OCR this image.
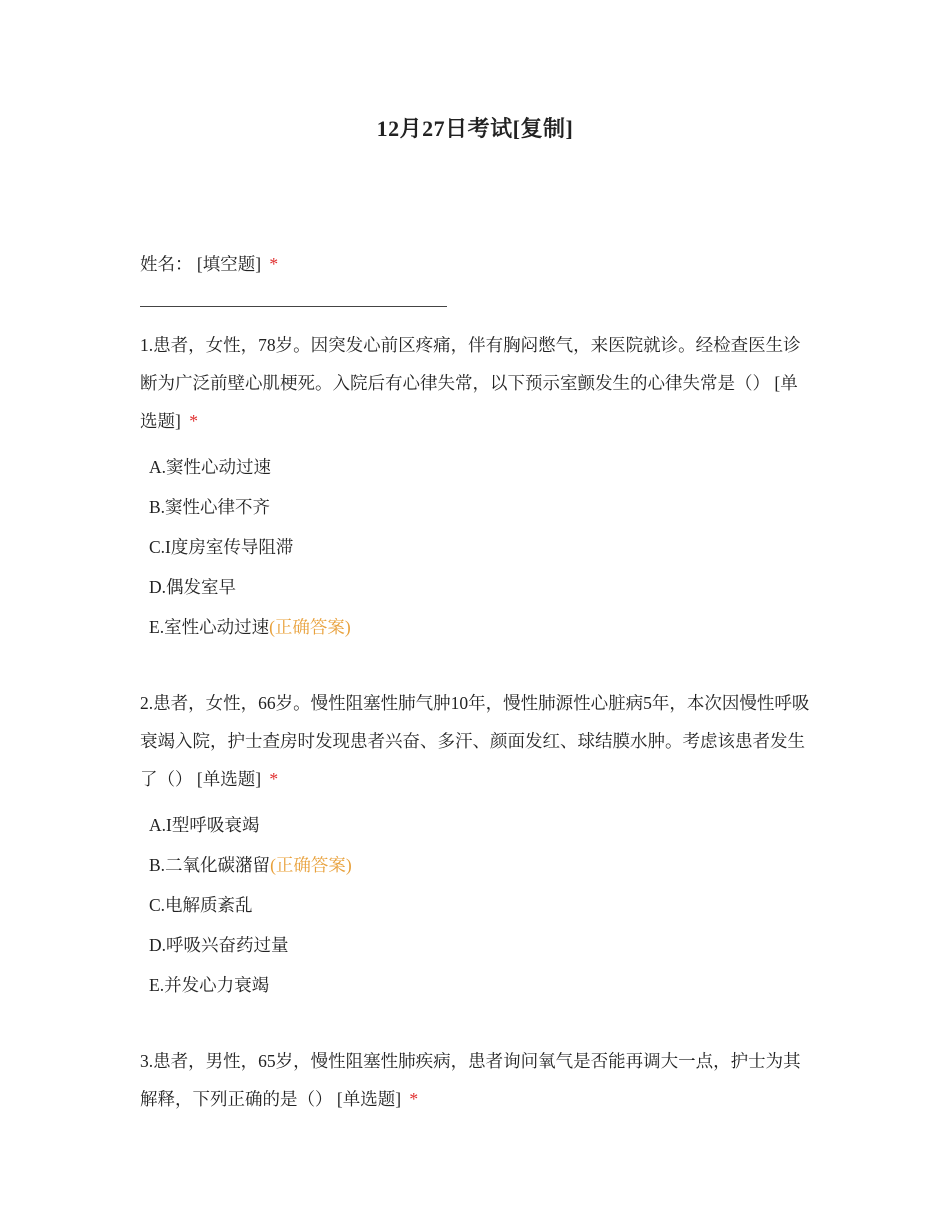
12月27日考试[复制]
姓名： [填空题] *
1.患者，女性，78岁。因突发心前区疼痛，伴有胸闷憋气，来医院就诊。经检查医生诊断为广泛前壁心肌梗死。入院后有心律失常，以下预示室颤发生的心律失常是（） [单选题] *
A.窦性心动过速
B.窦性心律不齐
C.I度房室传导阻滞
D.偶发室早
E.室性心动过速(正确答案)
2.患者，女性，66岁。慢性阻塞性肺气肿10年，慢性肺源性心脏病5年，本次因慢性呼吸衰竭入院，护士查房时发现患者兴奋、多汗、颜面发红、球结膜水肿。考虑该患者发生了（） [单选题] *
A.I型呼吸衰竭
B.二氧化碳潴留(正确答案)
C.电解质紊乱
D.呼吸兴奋药过量
E.并发心力衰竭
3.患者，男性，65岁，慢性阻塞性肺疾病，患者询问氧气是否能再调大一点，护士为其解释，下列正确的是（） [单选题] *
